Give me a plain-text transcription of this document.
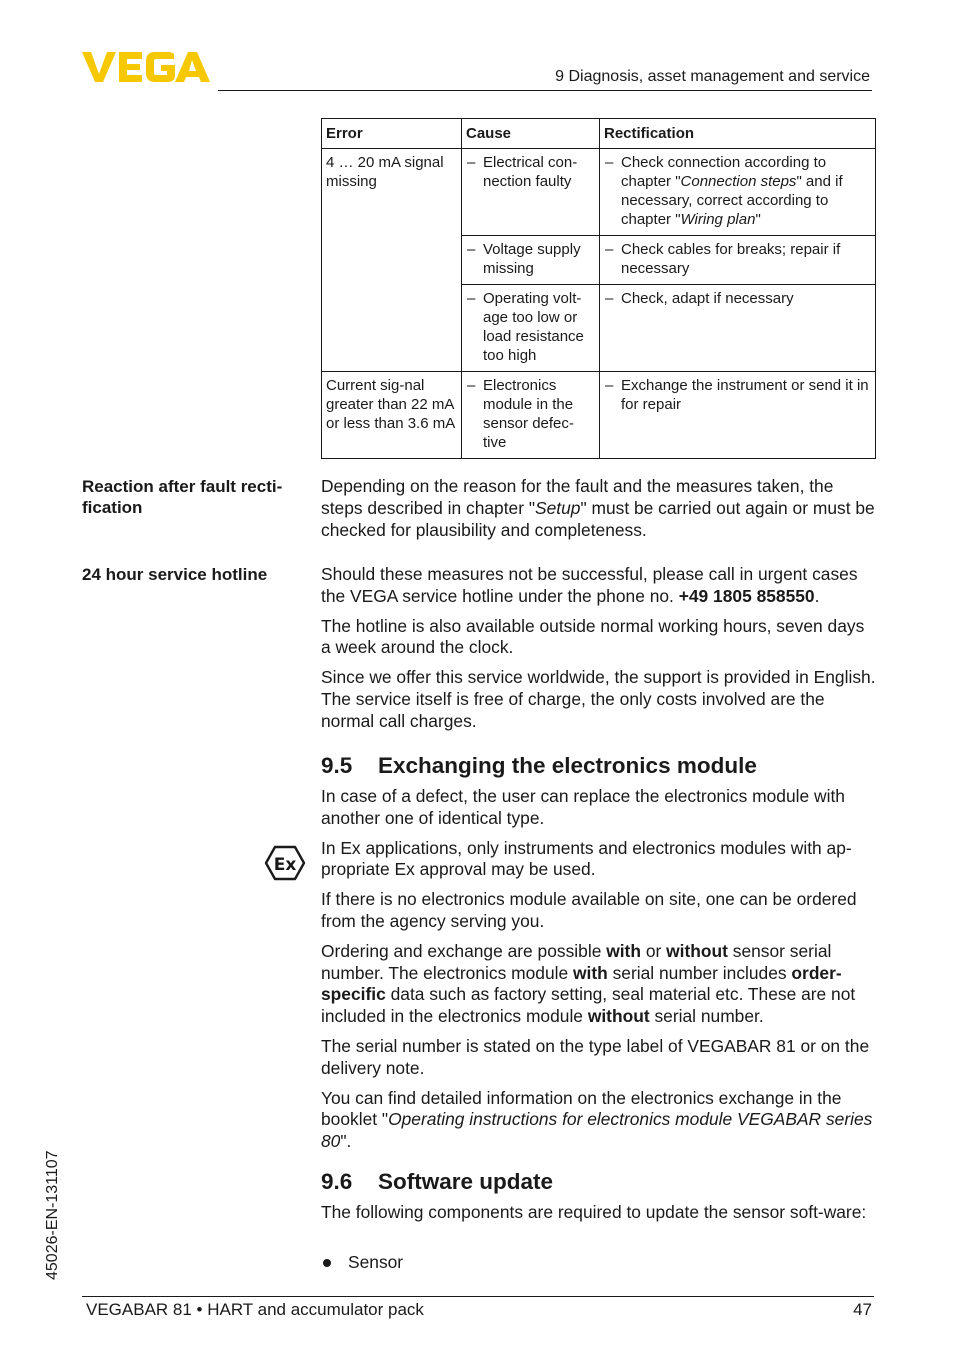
9 Diagnosis, asset management and service
Error	Cause	Rectification
4 … 20 mA signal missing	– Electrical con-nection faulty	– Check connection according to chapter "Connection steps" and if necessary, correct according to chapter "Wiring plan"

	– Voltage supply missing	– Check cables for breaks; repair if necessary

	– Operating volt-age too low or load resistance too high	– Check, adapt if necessary

Current sig-nal greater than 22 mA or less than 3.6 mA	– Electronics module in the sensor defec-tive	– Exchange the instrument or send it in for repair
Reaction after fault recti-fication

Depending on the reason for the fault and the measures taken, the steps described in chapter "Setup" must be carried out again or must be checked for plausibility and completeness.

24 hour service hotline	Should these measures not be successful, please call in urgent cases the VEGA service hotline under the phone no. +49 1805 858550.

The hotline is also available outside normal working hours, seven days a week around the clock.

Since we offer this service worldwide, the support is provided in English. The service itself is free of charge, the only costs involved are the normal call charges.

9.5 Exchanging the electronics module

In case of a defect, the user can replace the electronics module with another one of identical type.

In Ex applications, only instruments and electronics modules with ap-propriate Ex approval may be used.

If there is no electronics module available on site, one can be ordered from the agency serving you.

Ordering and exchange are possible with or without sensor serial number. The electronics module with serial number includes order-specific data such as factory setting, seal material etc. These are not included in the electronics module without serial number.

The serial number is stated on the type label of VEGABAR 81 or on the delivery note.

You can find detailed information on the electronics exchange in the booklet "Operating instructions for electronics module VEGABAR series 80".

Ex
9.6 Software update

The following components are required to update the sensor soft-ware:

Sensor
45026-EN-131107
VEGABAR 81 • HART and accumulator pack	47
